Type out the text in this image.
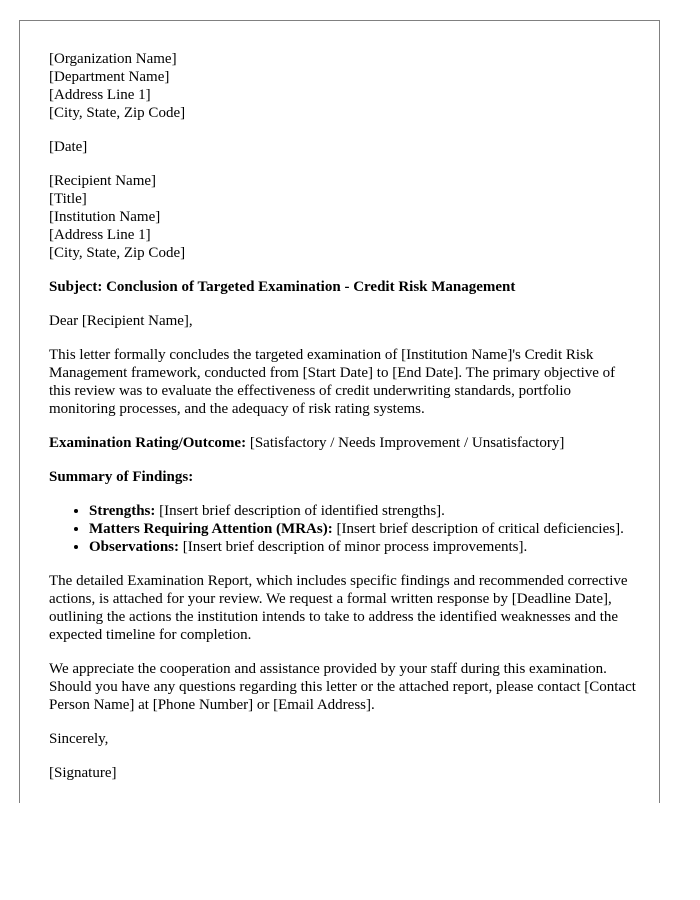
[Organization Name]
[Department Name]
[Address Line 1]
[City, State, Zip Code]

[Date]

[Recipient Name]
[Title]
[Institution Name]
[Address Line 1]
[City, State, Zip Code]

Subject: Conclusion of Targeted Examination - Credit Risk Management

Dear [Recipient Name],

This letter formally concludes the targeted examination of [Institution Name]'s Credit Risk Management framework, conducted from [Start Date] to [End Date]. The primary objective of this review was to evaluate the effectiveness of credit underwriting standards, portfolio monitoring processes, and the adequacy of risk rating systems.

Examination Rating/Outcome: [Satisfactory / Needs Improvement / Unsatisfactory]

Summary of Findings:

• Strengths: [Insert brief description of identified strengths].
• Matters Requiring Attention (MRAs): [Insert brief description of critical deficiencies].
• Observations: [Insert brief description of minor process improvements].

The detailed Examination Report, which includes specific findings and recommended corrective actions, is attached for your review. We request a formal written response by [Deadline Date], outlining the actions the institution intends to take to address the identified weaknesses and the expected timeline for completion.

We appreciate the cooperation and assistance provided by your staff during this examination. Should you have any questions regarding this letter or the attached report, please contact [Contact Person Name] at [Phone Number] or [Email Address].

Sincerely,

[Signature]
